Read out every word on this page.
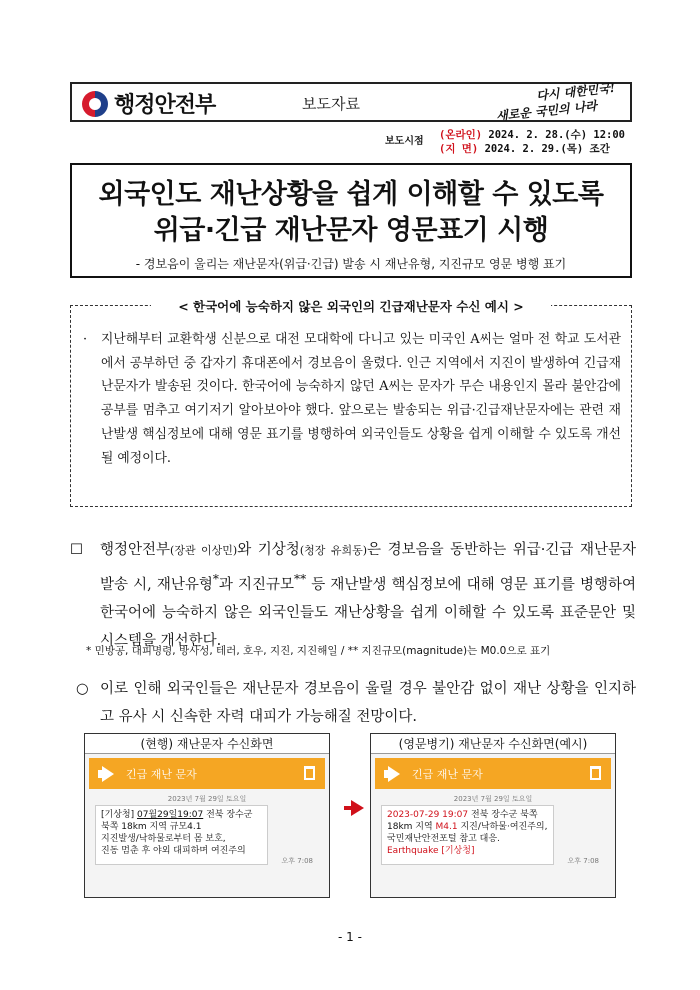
행정안전부	보도자료
다시 대한민국!
새로운 국민의 나라
보도시점
(온라인) 2024. 2. 28.(수) 12:00
(지 면) 2024. 2. 29.(목) 조간
외국인도 재난상황을 쉽게 이해할 수 있도록
위급·긴급 재난문자 영문표기 시행
- 경보음이 울리는 재난문자(위급·긴급) 발송 시 재난유형, 지진규모 영문 병행 표기
< 한국어에 능숙하지 않은 외국인의 긴급재난문자 수신 예시 >
· 지난해부터 교환학생 신분으로 대전 모대학에 다니고 있는 미국인 A씨는 얼마 전 학교 도서관에서 공부하던 중 갑자기 휴대폰에서 경보음이 울렸다. 인근 지역에서 지진이 발생하여 긴급재난문자가 발송된 것이다. 한국어에 능숙하지 않던 A씨는 문자가 무슨 내용인지 몰라 불안감에 공부를 멈추고 여기저기 알아보아야 했다. 앞으로는 발송되는 위급·긴급재난문자에는 관련 재난발생 핵심정보에 대해 영문 표기를 병행하여 외국인들도 상황을 쉽게 이해할 수 있도록 개선될 예정이다.

☐ 행정안전부(장관 이상민)와 기상청(청장 유희동)은 경보음을 동반하는 위급·긴급 재난문자 발송 시, 재난유형*과 지진규모** 등 재난발생 핵심정보에 대해 영문 표기를 병행하여 한국어에 능숙하지 않은 외국인들도 재난상황을 쉽게 이해할 수 있도록 표준문안 및 시스템을 개선한다.

* 민방공, 대피명령, 방사성, 테러, 호우, 지진, 지진해일 / ** 지진규모(magnitude)는 M0.0으로 표기
○ 이로 인해 외국인들은 재난문자 경보음이 울릴 경우 불안감 없이 재난 상황을 인지하고 유사 시 신속한 자력 대피가 가능해질 전망이다.

(현행) 재난문자 수신화면
긴급 재난 문자
2023년 7월 29일 토요일
[기상청] 07월29일19:07 전북 장수군
북쪽 18km 지역 규모4.1
지진발생/낙하물로부터 몸 보호,
진동 멈춘 후 야외 대피하며 여진주의
오후 7:08
(영문병기) 재난문자 수신화면(예시)
긴급 재난 문자
2023년 7월 29일 토요일
2023-07-29 19:07 전북 장수군 북쪽
18km 지역 M4.1 지진/낙하물·여진주의,
국민재난안전포털 참고 대응.
Earthquake [기상청]
오후 7:08
- 1 -
